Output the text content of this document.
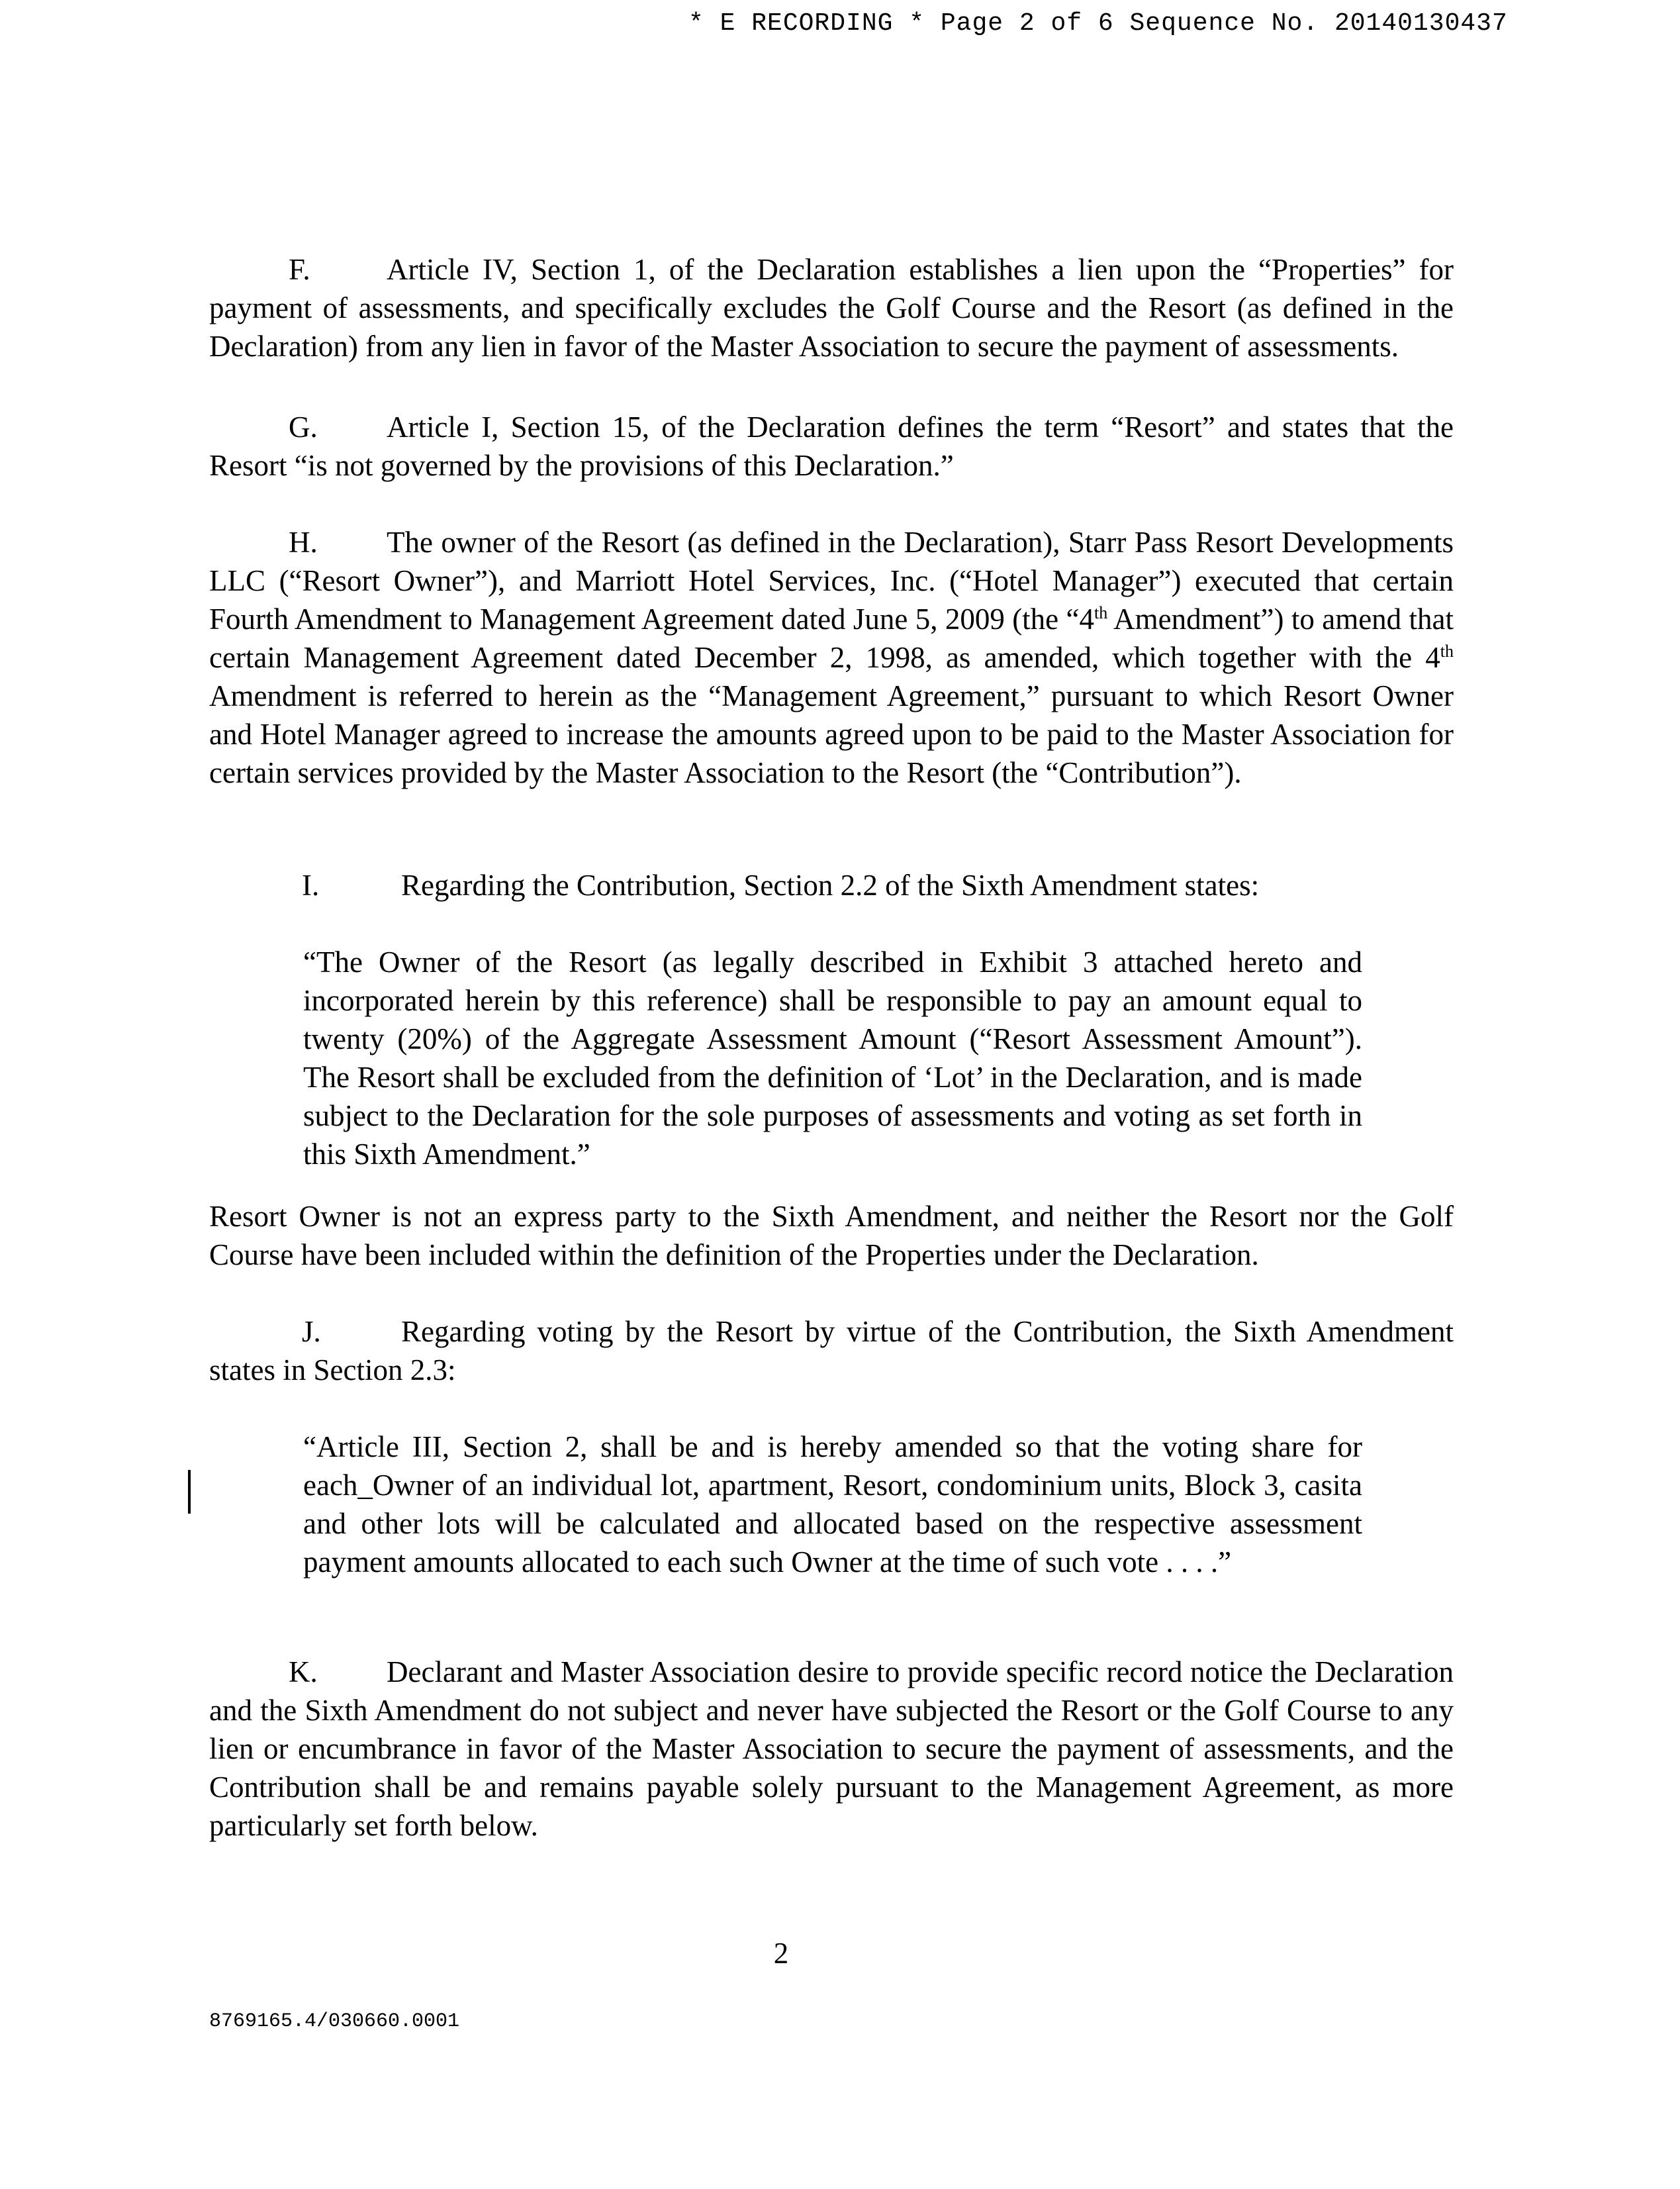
* E RECORDING * Page 2 of 6 Sequence No. 20140130437

F.	Article IV, Section 1, of the Declaration establishes a lien upon the “Properties” for payment of assessments, and specifically excludes the Golf Course and the Resort (as defined in the Declaration) from any lien in favor of the Master Association to secure the payment of assessments.

G. Article I, Section 15, of the Declaration defines the term “Resort” and states that the Resort “is not governed by the provisions of this Declaration.”

H. The owner of the Resort (as defined in the Declaration), Starr Pass Resort Developments LLC (“Resort Owner”), and Marriott Hotel Services, Inc. (“Hotel Manager”) executed that certain Fourth Amendment to Management Agreement dated June 5, 2009 (the “4th Amendment”) to amend that certain Management Agreement dated December 2, 1998, as amended, which together with the 4th Amendment is referred to herein as the “Management Agreement,” pursuant to which Resort Owner and Hotel Manager agreed to increase the amounts agreed upon to be paid to the Master Association for certain services provided by the Master Association to the Resort (the “Contribution”).

I.	Regarding the Contribution, Section 2.2 of the Sixth Amendment states:

“The Owner of the Resort (as legally described in Exhibit 3 attached hereto and incorporated herein by this reference) shall be responsible to pay an amount equal to twenty (20%) of the Aggregate Assessment Amount (“Resort Assessment Amount”). The Resort shall be excluded from the definition of ‘Lot’ in the Declaration, and is made subject to the Declaration for the sole purposes of assessments and voting as set forth in this Sixth Amendment.”

Resort Owner is not an express party to the Sixth Amendment, and neither the Resort nor the Golf Course have been included within the definition of the Properties under the Declaration.

J.	Regarding voting by the Resort by virtue of the Contribution, the Sixth Amendment states in Section 2.3:

“Article III, Section 2, shall be and is hereby amended so that the voting share for each_Owner of an individual lot, apartment, Resort, condominium units, Block 3, casita and other lots will be calculated and allocated based on the respective assessment payment amounts allocated to each such Owner at the time of such vote . . . .”

K. Declarant and Master Association desire to provide specific record notice the Declaration and the Sixth Amendment do not subject and never have subjected the Resort or the Golf Course to any lien or encumbrance in favor of the Master Association to secure the payment of assessments, and the Contribution shall be and remains payable solely pursuant to the Management Agreement, as more particularly set forth below.

2
8769165.4/030660.0001
